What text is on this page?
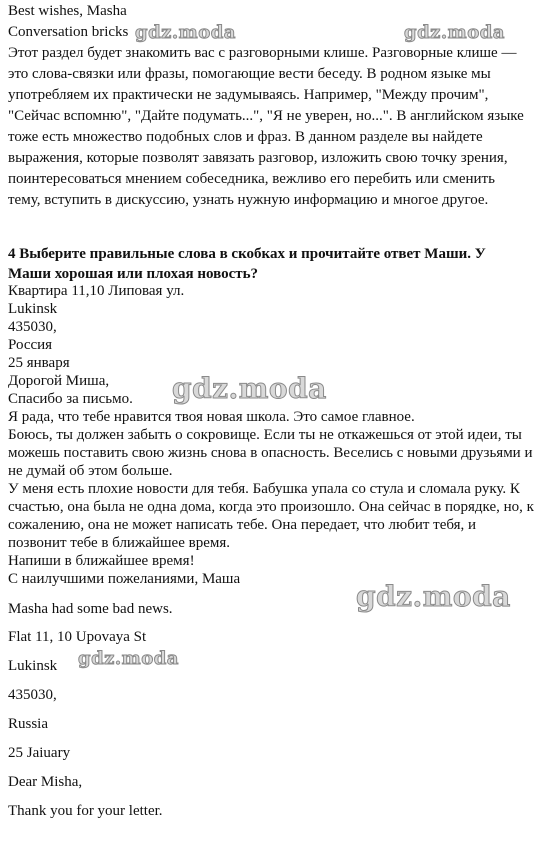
Best wishes, Masha

Conversation bricks

Этот раздел будет знакомить вас с разговорными клише. Разговорные клише — это слова-связки или фразы, помогающие вести беседу. В родном языке мы употребляем их практически не задумываясь. Например, "Между прочим", "Сейчас вспомню", "Дайте подумать...", "Я не уверен, но...". В английском языке тоже есть множество подобных слов и фраз. В данном разделе вы найдете выражения, которые позволят завязать разговор, изложить свою точку зрения, поинтересоваться мнением собеседника, вежливо его перебить или сменить тему, вступить в дискуссию, узнать нужную информацию и многое другое.

4 Выберите правильные слова в скобках и прочитайте ответ Маши. У Маши хорошая или плохая новость?

Квартира 11,10 Липовая ул.

Lukinsk

435030,

Россия

25 января

Дорогой Миша,

Спасибо за письмо.

Я рада, что тебе нравится твоя новая школа. Это самое главное.

Боюсь, ты должен забыть о сокровище. Если ты не откажешься от этой идеи, ты можешь поставить свою жизнь снова в опасность. Веселись с новыми друзьями и не думай об этом больше.

У меня есть плохие новости для тебя. Бабушка упала со стула и сломала руку. К счастью, она была не одна дома, когда это произошло. Она сейчас в порядке, но, к сожалению, она не может написать тебе. Она передает, что любит тебя, и позвонит тебе в ближайшее время.

Напиши в ближайшее время!

С наилучшими пожеланиями, Маша

Masha had some bad news.

Flat 11, 10 Upovaya St

Lukinsk

435030,

Russia

25 Jaiuary

Dear Misha,

Thank you for your letter.

gdz.moda	gdz.moda
gdz.moda
gdz.moda
gdz.moda
